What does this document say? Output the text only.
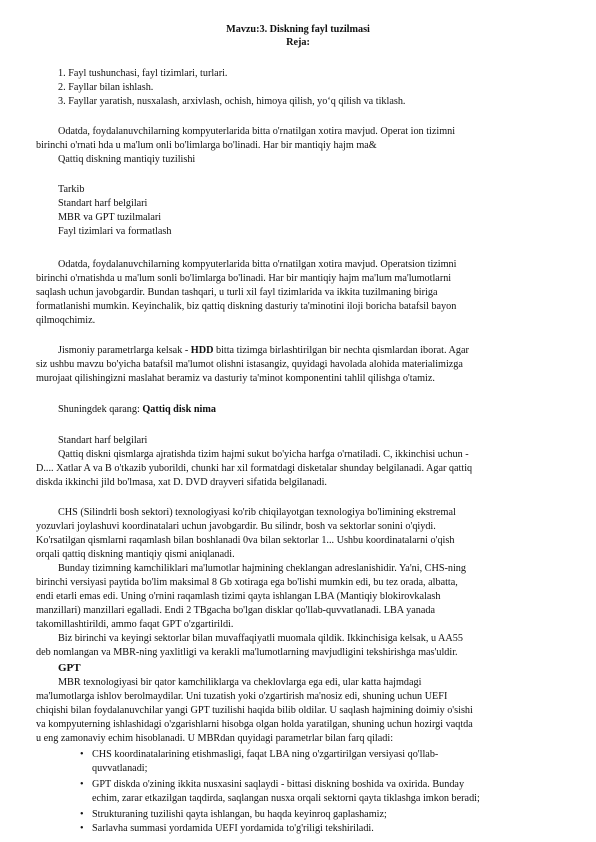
Mavzu:3. Diskning fayl tuzilmasi
Reja:
1. Fayl tushunchasi, fayl tizimlari, turlari.
2. Fayllar bilan ishlash.
3. Fayllar yaratish, nusxalash, arxivlash, ochish, himoya qilish, yo‘q qilish va tiklash.
Odatda, foydalanuvchilarning kompyuterlarida bitta o'rnatilgan xotira mavjud. Operat ion tizimni
birinchi o'rnati hda u ma'lum onli bo'limlarga bo'linadi. Har bir mantiqiy hajm ma&
Qattiq diskning mantiqiy tuzilishi
Tarkib
Standart harf belgilari
MBR va GPT tuzilmalari
Fayl tizimlari va formatlash
Odatda, foydalanuvchilarning kompyuterlarida bitta o'rnatilgan xotira mavjud. Operatsion tizimni
birinchi o'rnatishda u ma'lum sonli bo'limlarga bo'linadi. Har bir mantiqiy hajm ma'lum ma'lumotlarni
saqlash uchun javobgardir. Bundan tashqari, u turli xil fayl tizimlarida va ikkita tuzilmaning biriga
formatlanishi mumkin. Keyinchalik, biz qattiq diskning dasturiy ta'minotini iloji boricha batafsil bayon
qilmoqchimiz.
Jismoniy parametrlarga kelsak - HDD bitta tizimga birlashtirilgan bir nechta qismlardan iborat. Agar
siz ushbu mavzu bo'yicha batafsil ma'lumot olishni istasangiz, quyidagi havolada alohida materialimizga
murojaat qilishingizni maslahat beramiz va dasturiy ta'minot komponentini tahlil qilishga o'tamiz.
Shuningdek qarang: Qattiq disk nima
Standart harf belgilari
Qattiq diskni qismlarga ajratishda tizim hajmi sukut bo'yicha harfga o'rnatiladi. C, ikkinchisi uchun -
D.... Xatlar A va B o'tkazib yuborildi, chunki har xil formatdagi disketalar shunday belgilanadi. Agar qattiq
diskda ikkinchi jild bo'lmasa, xat D. DVD drayveri sifatida belgilanadi.
CHS (Silindrli bosh sektori) texnologiyasi ko'rib chiqilayotgan texnologiya bo'limining ekstremal
yozuvlari joylashuvi koordinatalari uchun javobgardir. Bu silindr, bosh va sektorlar sonini o'qiydi.
Ko'rsatilgan qismlarni raqamlash bilan boshlanadi 0va bilan sektorlar 1... Ushbu koordinatalarni o'qish
orqali qattiq diskning mantiqiy qismi aniqlanadi.
Bunday tizimning kamchiliklari ma'lumotlar hajmining cheklangan adreslanishidir. Ya'ni, CHS-ning
birinchi versiyasi paytida bo'lim maksimal 8 Gb xotiraga ega bo'lishi mumkin edi, bu tez orada, albatta,
endi etarli emas edi. Uning o'rnini raqamlash tizimi qayta ishlangan LBA (Mantiqiy blokirovkalash
manzillari) manzillari egalladi. Endi 2 TBgacha bo'lgan disklar qo'llab-quvvatlanadi. LBA yanada
takomillashtirildi, ammo faqat GPT o'zgartirildi.
Biz birinchi va keyingi sektorlar bilan muvaffaqiyatli muomala qildik. Ikkinchisiga kelsak, u AA55
deb nomlangan va MBR-ning yaxlitligi va kerakli ma'lumotlarning mavjudligini tekshirishga mas'uldir.
GPT
MBR texnologiyasi bir qator kamchiliklarga va cheklovlarga ega edi, ular katta hajmdagi
ma'lumotlarga ishlov berolmaydilar. Uni tuzatish yoki o'zgartirish ma'nosiz edi, shuning uchun UEFI
chiqishi bilan foydalanuvchilar yangi GPT tuzilishi haqida bilib oldilar. U saqlash hajmining doimiy o'sishi
va kompyuterning ishlashidagi o'zgarishlarni hisobga olgan holda yaratilgan, shuning uchun hozirgi vaqtda
u eng zamonaviy echim hisoblanadi. U MBRdan quyidagi parametrlar bilan farq qiladi:
• CHS koordinatalarining etishmasligi, faqat LBA ning o'zgartirilgan versiyasi qo'llab-
quvvatlanadi;
• GPT diskda o'zining ikkita nusxasini saqlaydi - bittasi diskning boshida va oxirida. Bunday
echim, zarar etkazilgan taqdirda, saqlangan nusxa orqali sektorni qayta tiklashga imkon beradi;
• Strukturaning tuzilishi qayta ishlangan, bu haqda keyinroq gaplashamiz;
• Sarlavha summasi yordamida UEFI yordamida to'g'riligi tekshiriladi.
